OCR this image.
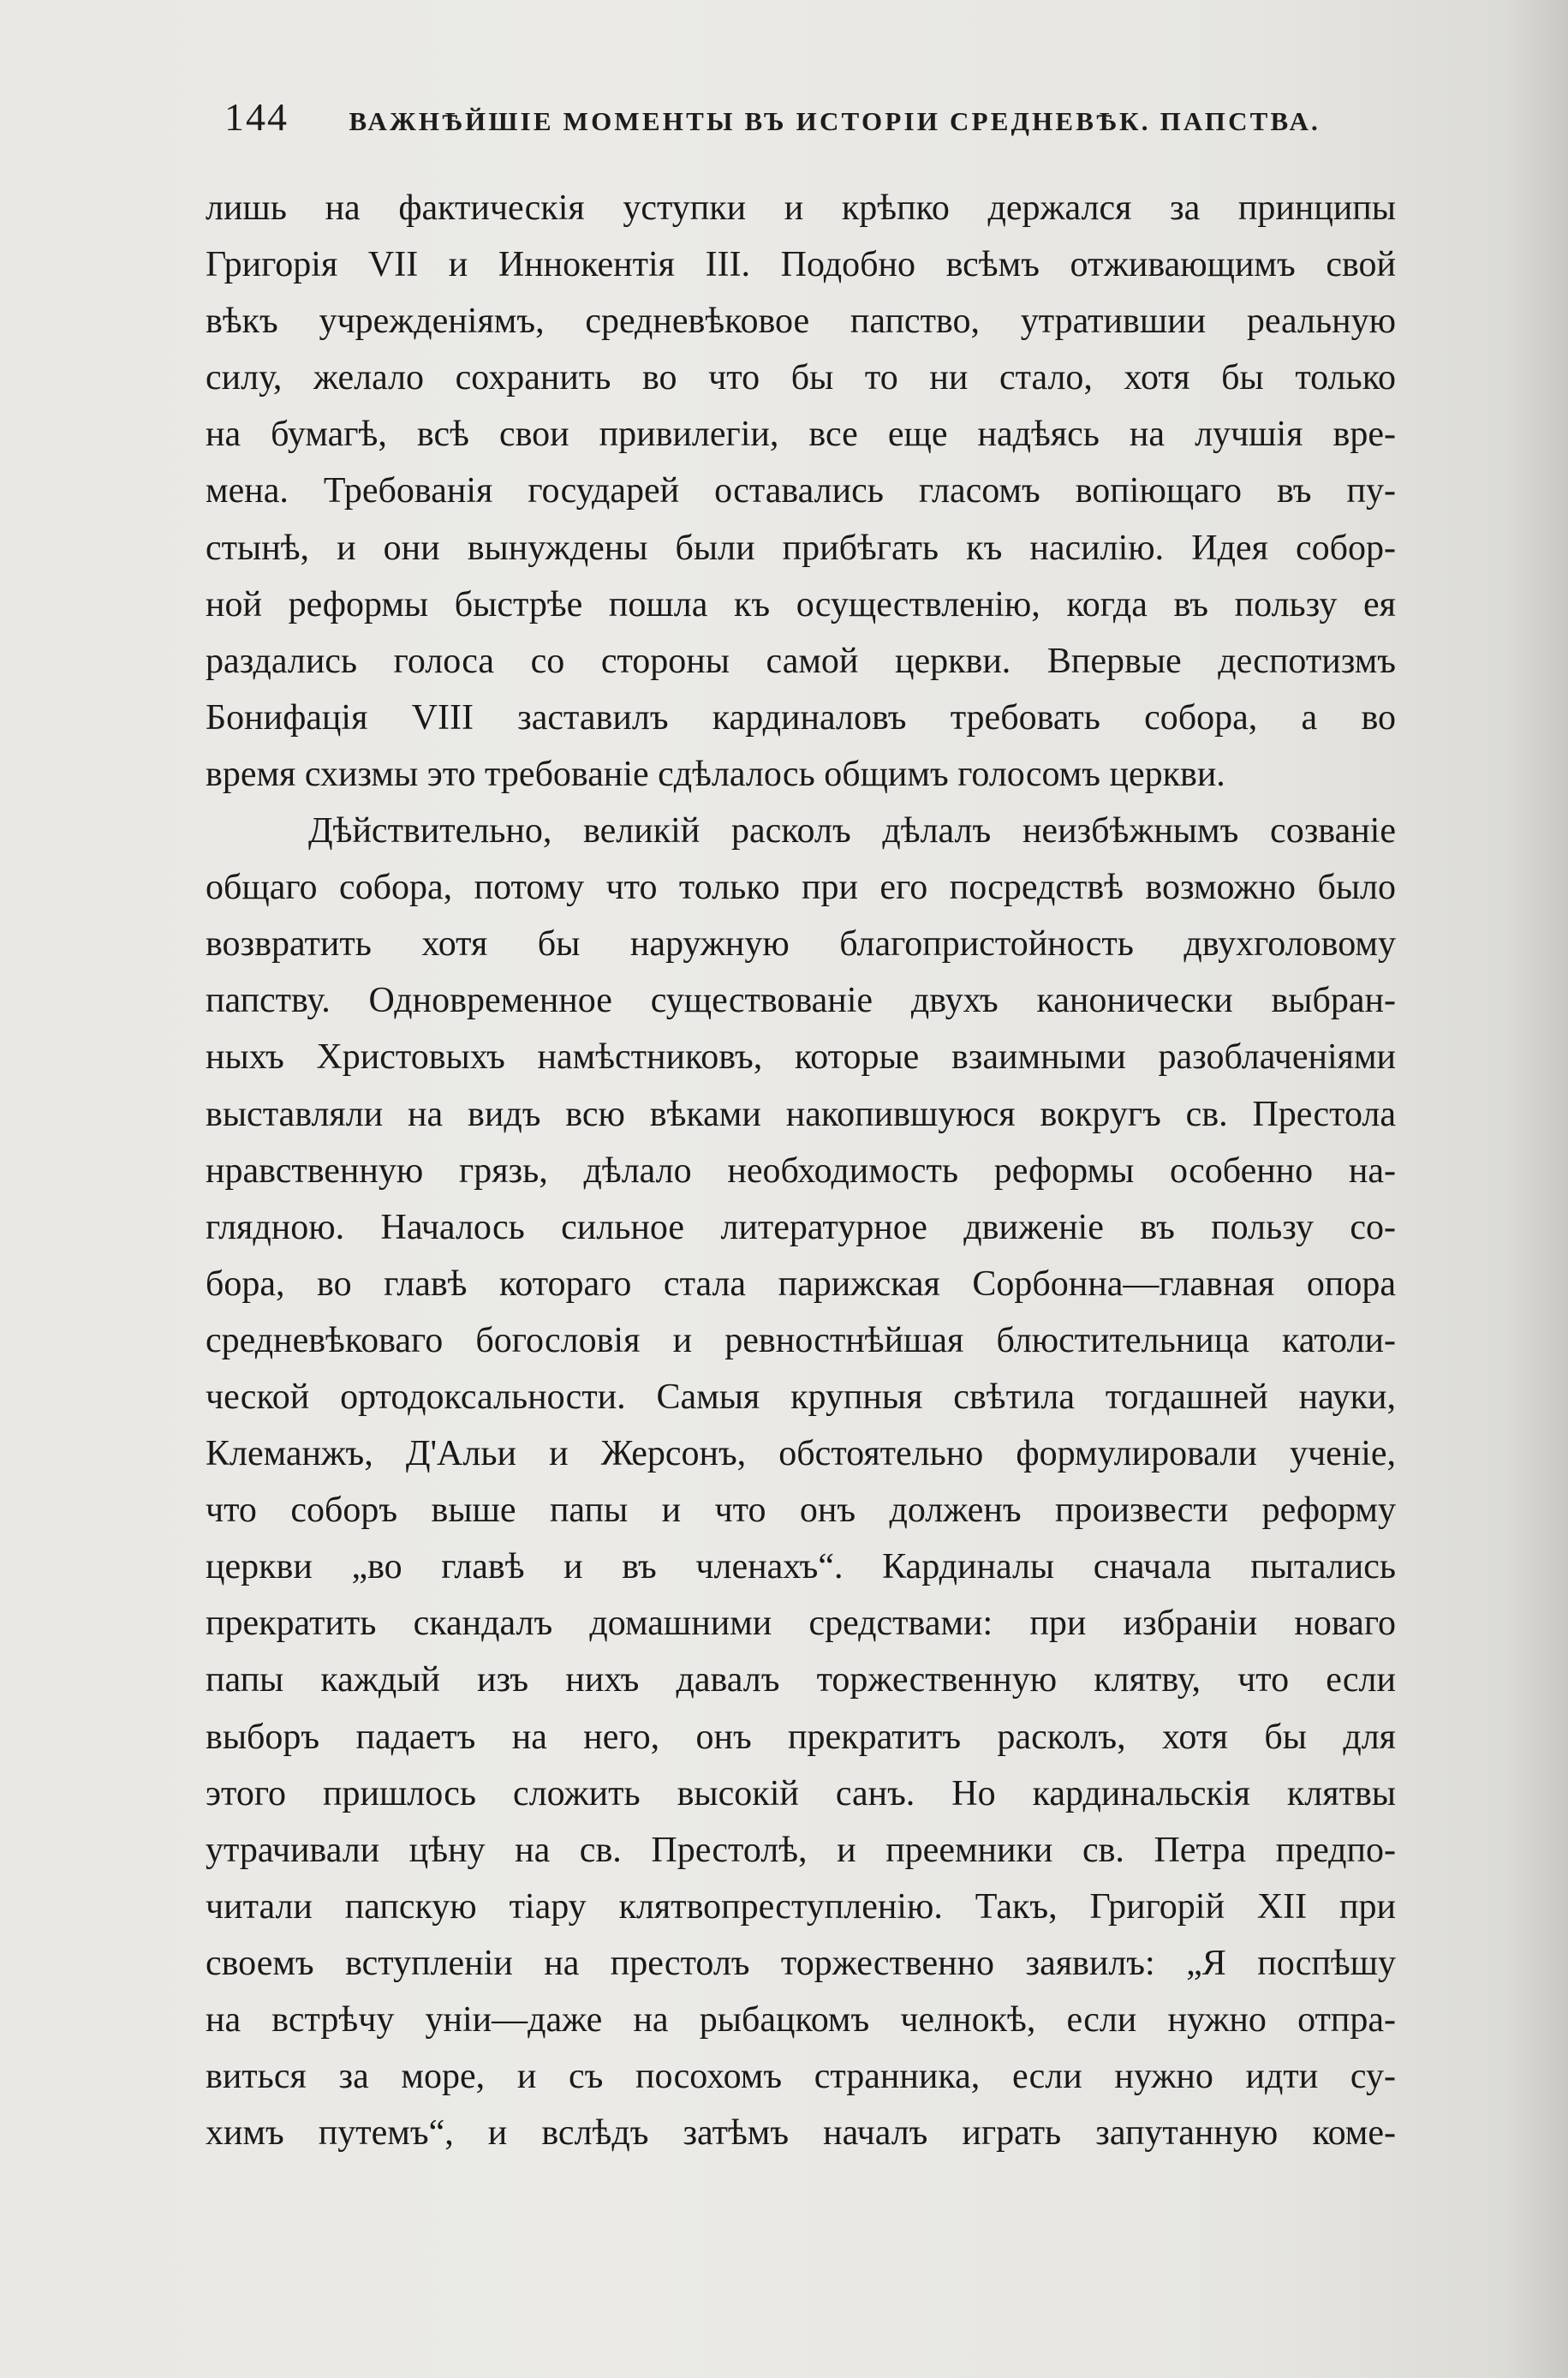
144	ВАЖНѢЙШІЕ МОМЕНТЫ ВЪ ИСТОРІИ СРЕДНЕВѢК. ПАПСТВА.
лишь на фактическія уступки и крѣпко держался за принципы
Григорія VII и Иннокентія III. Подобно всѣмъ отживающимъ свой
вѣкъ учрежденіямъ, средневѣковое папство, утратившии реальную
силу, желало сохранить во что бы то ни стало, хотя бы только
на бумагѣ, всѣ свои привилегіи, все еще надѣясь на лучшія вре-
мена. Требованія государей оставались гласомъ вопіющаго въ пу-
стынѣ, и они вынуждены были прибѣгать къ насилію. Идея собор-
ной реформы быстрѣе пошла къ осуществленію, когда въ пользу ея
раздались голоса со стороны самой церкви. Впервые деспотизмъ
Бонифація VIII заставилъ кардиналовъ требовать собора, а во
время схизмы это требованіе сдѣлалось общимъ голосомъ церкви.
Дѣйствительно, великій расколъ дѣлалъ неизбѣжнымъ созваніе
общаго собора, потому что только при его посредствѣ возможно было
возвратить хотя бы наружную благопристойность двухголовому
папству. Одновременное существованіе двухъ канонически выбран-
ныхъ Христовыхъ намѣстниковъ, которые взаимными разоблаченіями
выставляли на видъ всю вѣками накопившуюся вокругъ св. Престола
нравственную грязь, дѣлало необходимость реформы особенно на-
глядною. Началось сильное литературное движеніе въ пользу со-
бора, во главѣ котораго стала парижская Сорбонна—главная опора
средневѣковаго богословія и ревностнѣйшая блюстительница католи-
ческой ортодоксальности. Самыя крупныя свѣтила тогдашней науки,
Клеманжъ, Д'Альи и Жерсонъ, обстоятельно формулировали ученіе,
что соборъ выше папы и что онъ долженъ произвести реформу
церкви „во главѣ и въ членахъ“. Кардиналы сначала пытались
прекратить скандалъ домашними средствами: при избраніи новаго
папы каждый изъ нихъ давалъ торжественную клятву, что если
выборъ падаетъ на него, онъ прекратитъ расколъ, хотя бы для
этого пришлось сложить высокій санъ. Но кардинальскія клятвы
утрачивали цѣну на св. Престолѣ, и преемники св. Петра предпо-
читали папскую тіару клятвопреступленію. Такъ, Григорій XII при
своемъ вступленіи на престолъ торжественно заявилъ: „Я поспѣшу
на встрѣчу уніи—даже на рыбацкомъ челнокѣ, если нужно отпра-
виться за море, и съ посохомъ странника, если нужно идти су-
химъ путемъ“, и вслѣдъ затѣмъ началъ играть запутанную коме-
